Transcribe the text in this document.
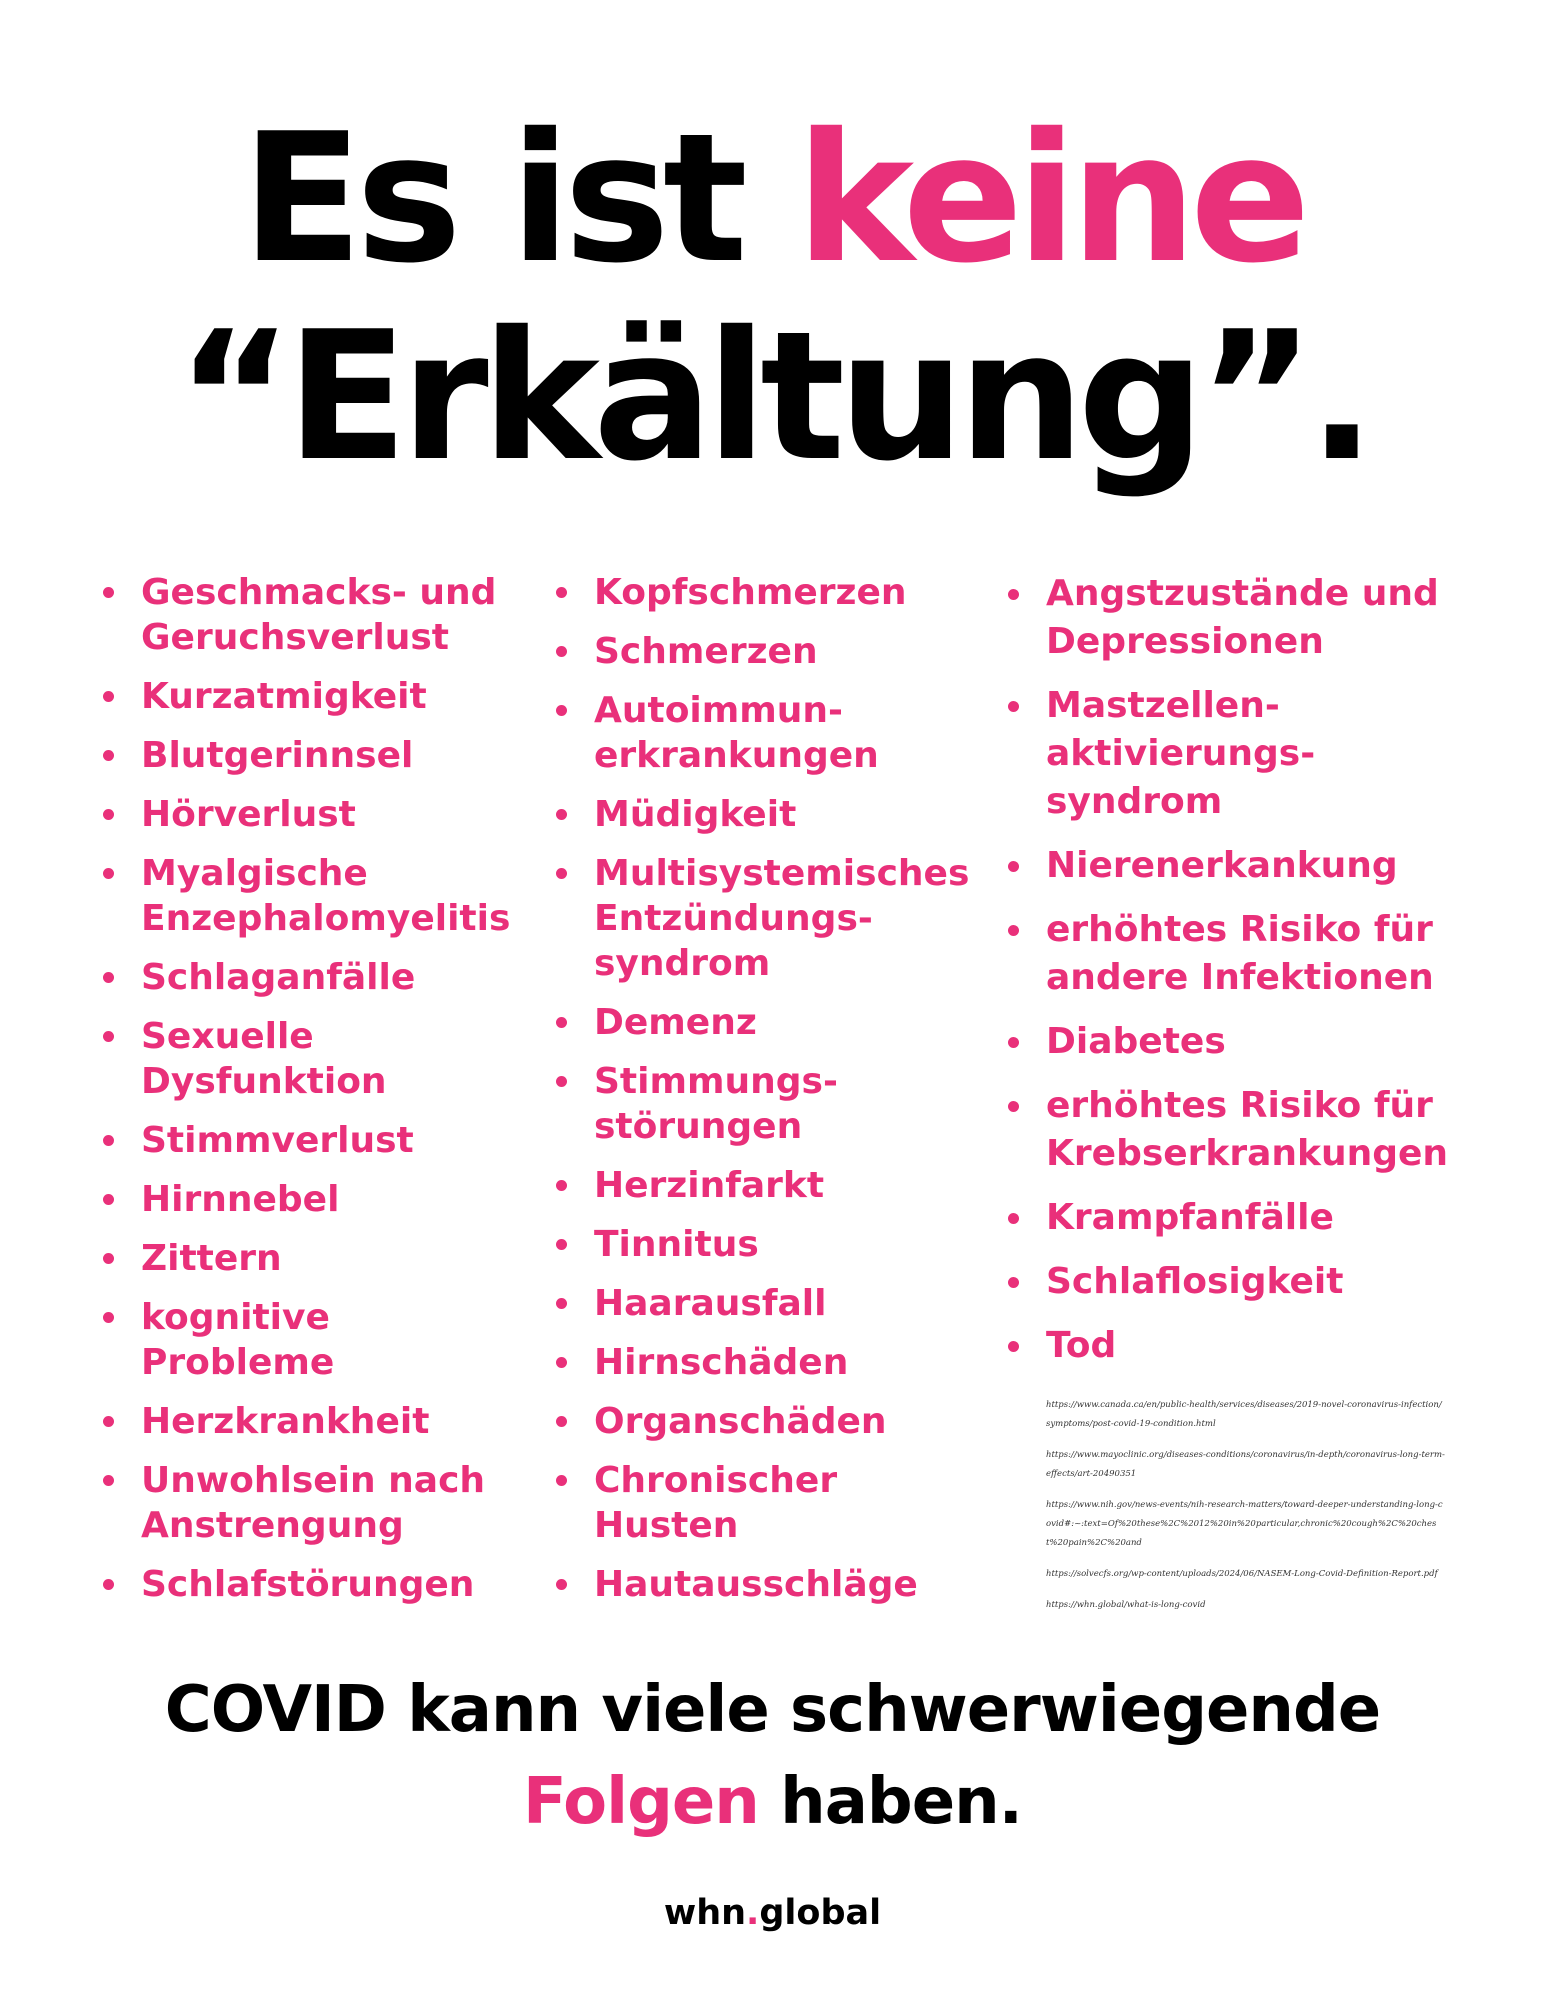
Es ist keine
“Erkältung”.
Geschmacks- und
Geruchsverlust
Kurzatmigkeit
Blutgerinnsel
Hörverlust
Myalgische
Enzephalomyelitis
Schlaganfälle
Sexuelle
Dysfunktion
Stimmverlust
Hirnnebel
Zittern
kognitive
Probleme
Herzkrankheit
Unwohlsein nach
Anstrengung
Schlafstörungen
Kopfschmerzen
Schmerzen
Autoimmun-
erkrankungen
Müdigkeit
Multisystemisches
Entzündungs-
syndrom
Demenz
Stimmungs-
störungen
Herzinfarkt
Tinnitus
Haarausfall
Hirnschäden
Organschäden
Chronischer
Husten
Hautausschläge
Angstzustände und
Depressionen
Mastzellen-
aktivierungs-
syndrom
Nierenerkankung
erhöhtes Risiko für
andere Infektionen
Diabetes
erhöhtes Risiko für
Krebserkrankungen
Krampfanfälle
Schlaflosigkeit
Tod
https://www.canada.ca/en/public-health/services/diseases/2019-novel-coronavirus-infection/symptoms/post-covid-19-condition.html
https://www.mayoclinic.org/diseases-conditions/coronavirus/in-depth/coronavirus-long-term-effects/art-20490351
https://www.nih.gov/news-events/nih-research-matters/toward-deeper-understanding-long-covid#:~:text=Of%20these%2C%2012%20in%20particular,chronic%20cough%2C%20chest%20pain%2C%20and
https://solvecfs.org/wp-content/uploads/2024/06/NASEM-Long-Covid-Definition-Report.pdf
https://whn.global/what-is-long-covid
COVID kann viele schwerwiegende
Folgen haben.
whn.global
